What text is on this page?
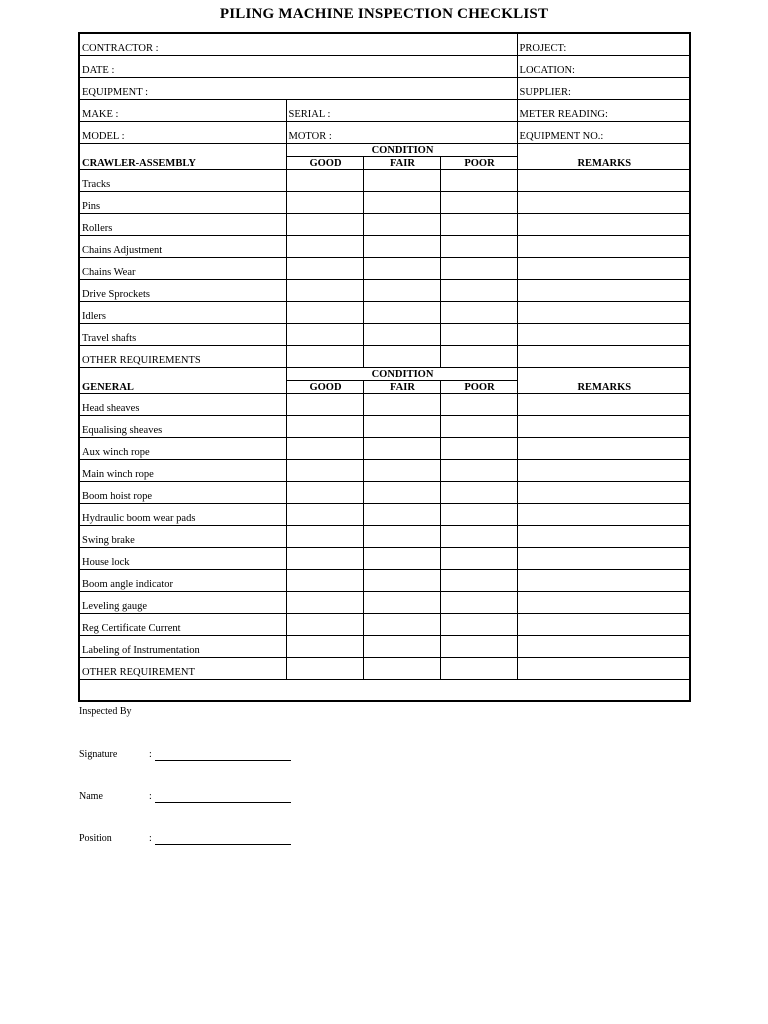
PILING MACHINE INSPECTION CHECKLIST
CONTRACTOR :				PROJECT:
DATE :				LOCATION:
EQUIPMENT :				SUPPLIER:
MAKE :	SERIAL :			METER READING:
MODEL :	MOTOR :			EQUIPMENT NO.:
CRAWLER-ASSEMBLY	CONDITION			REMARKS
	GOOD	FAIR	POOR	
Tracks				
Pins				
Rollers				
Chains Adjustment				
Chains Wear				
Drive Sprockets				
Idlers				
Travel shafts				
OTHER REQUIREMENTS				
GENERAL	CONDITION			REMARKS
	GOOD	FAIR	POOR	
Head sheaves				
Equalising sheaves				
Aux winch rope				
Main winch rope				
Boom hoist rope				
Hydraulic boom wear pads				
Swing brake				
House lock				
Boom angle indicator				
Leveling gauge				
Reg Certificate Current				
Labeling of Instrumentation				
OTHER REQUIREMENT				

Inspected By
Signature	:
Name	:
Position	:
